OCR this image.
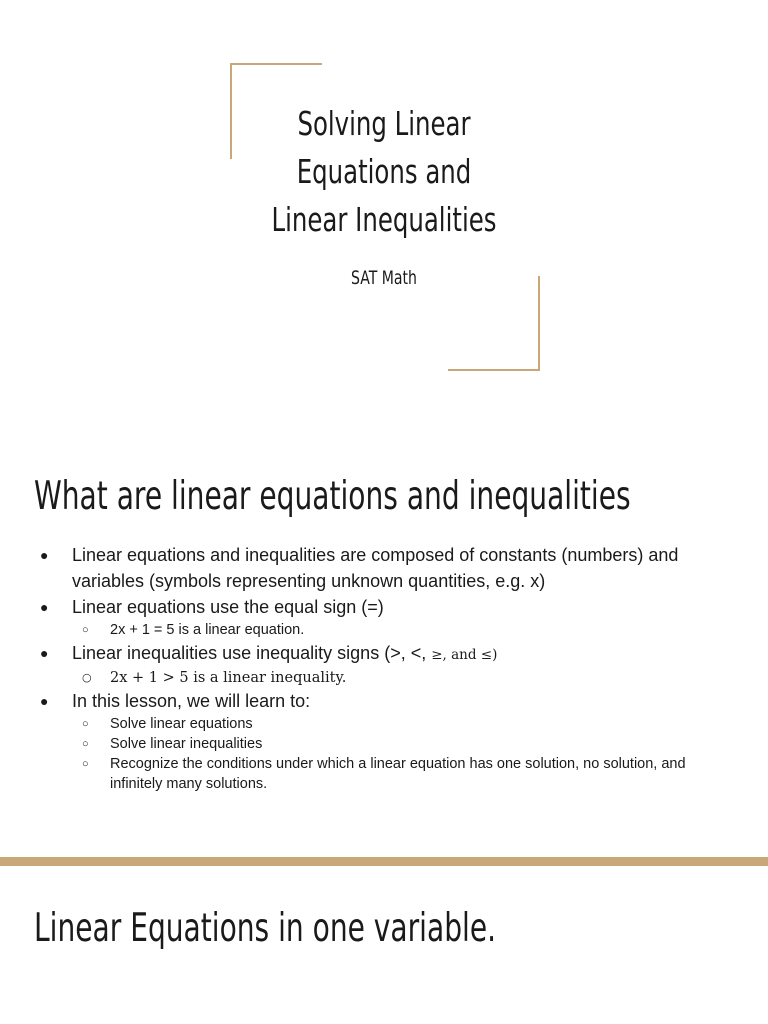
Solving Linear
Equations and
Linear Inequalities
SAT Math
What are linear equations and inequalities
● Linear equations and inequalities are composed of constants (numbers) and variables (symbols representing unknown quantities, e.g. x)
● Linear equations use the equal sign (=)
○ 2x + 1 = 5 is a linear equation.
● Linear inequalities use inequality signs (>, <, ≥, and ≤)
○ 2x + 1 > 5 is a linear inequality.
● In this lesson, we will learn to:
○ Solve linear equations
○ Solve linear inequalities
○ Recognize the conditions under which a linear equation has one solution, no solution, and infinitely many solutions.
Linear Equations in one variable.
